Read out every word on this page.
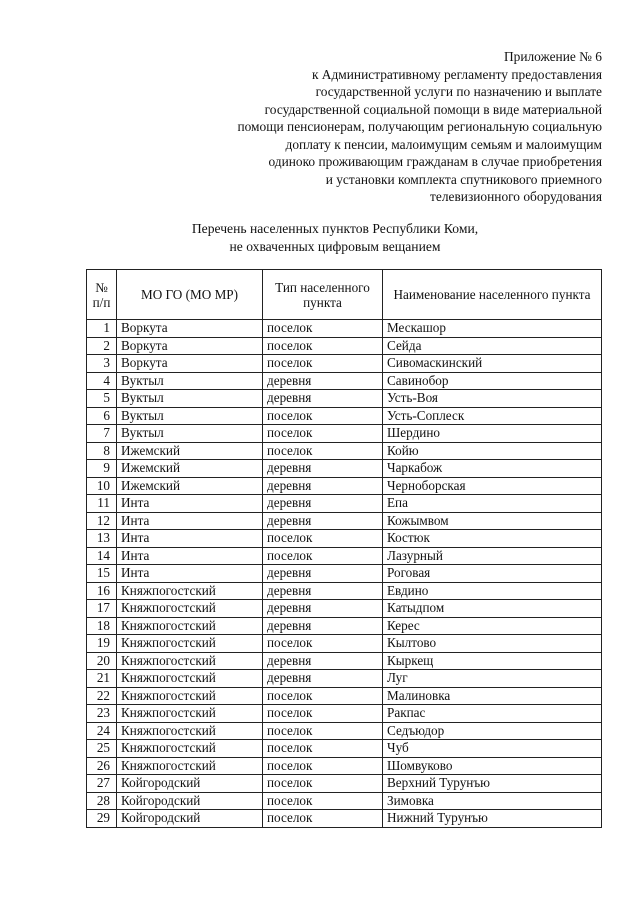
Приложение № 6
к Административному регламенту предоставления
государственной услуги по назначению и выплате
государственной социальной помощи в виде материальной
помощи пенсионерам, получающим региональную социальную
доплату к пенсии, малоимущим семьям и малоимущим
одиноко проживающим гражданам в случае приобретения
и установки комплекта спутникового приемного
телевизионного оборудования
Перечень населенных пунктов Республики Коми,
не охваченных цифровым вещанием
№ п/п	МО ГО (МО МР)	Тип населенного пункта	Наименование населенного пункта
1	Воркута	поселок	Мескашор
2	Воркута	поселок	Сейда
3	Воркута	поселок	Сивомаскинский
4	Вуктыл	деревня	Савинобор
5	Вуктыл	деревня	Усть-Воя
6	Вуктыл	поселок	Усть-Соплеск
7	Вуктыл	поселок	Шердино
8	Ижемский	поселок	Койю
9	Ижемский	деревня	Чаркабож
10	Ижемский	деревня	Черноборская
11	Инта	деревня	Епа
12	Инта	деревня	Кожымвом
13	Инта	поселок	Костюк
14	Инта	поселок	Лазурный
15	Инта	деревня	Роговая
16	Княжпогостский	деревня	Евдино
17	Княжпогостский	деревня	Катыдпом
18	Княжпогостский	деревня	Керес
19	Княжпогостский	поселок	Кылтово
20	Княжпогостский	деревня	Кыркещ
21	Княжпогостский	деревня	Луг
22	Княжпогостский	поселок	Малиновка
23	Княжпогостский	поселок	Ракпас
24	Княжпогостский	поселок	Седъюдор
25	Княжпогостский	поселок	Чуб
26	Княжпогостский	поселок	Шомвуково
27	Койгородский	поселок	Верхний Турунъю
28	Койгородский	поселок	Зимовка
29	Койгородский	поселок	Нижний Турунъю
